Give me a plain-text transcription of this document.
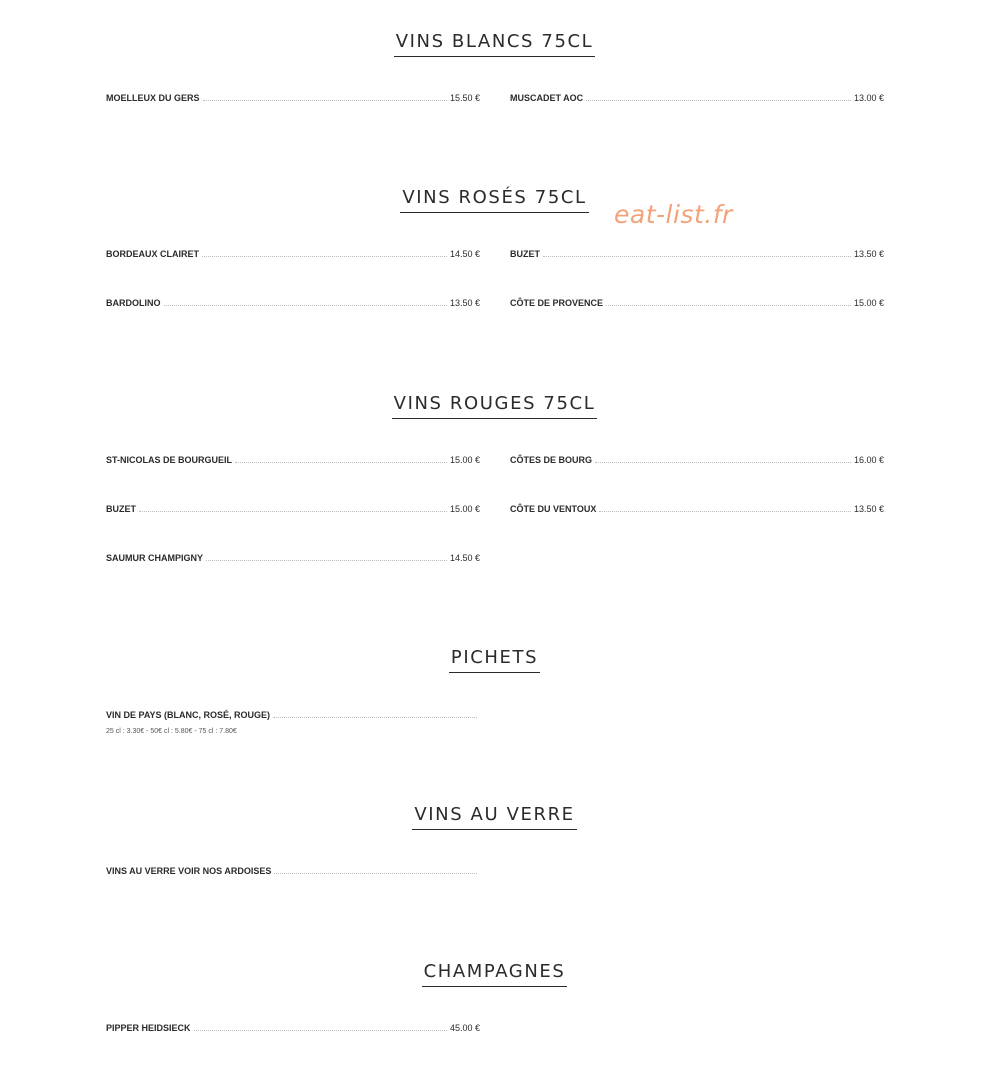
VINS BLANCS 75CL
MOELLEUX DU GERS	15.50 €	MUSCADET AOC	13.00 €
VINS ROSÉS 75CL
eat-list.fr
BORDEAUX CLAIRET	14.50 €	BUZET	13.50 €
BARDOLINO	13.50 €	CÔTE DE PROVENCE	15.00 €
VINS ROUGES 75CL
ST-NICOLAS DE BOURGUEIL	15.00 €	CÔTES DE BOURG	16.00 €
BUZET	15.00 €	CÔTE DU VENTOUX	13.50 €
SAUMUR CHAMPIGNY	14.50 €
PICHETS
VIN DE PAYS (BLANC, ROSÉ, ROUGE)
25 cl : 3.30€ - 50€ cl : 5.80€ - 75 cl : 7.80€
VINS AU VERRE
VINS AU VERRE VOIR NOS ARDOISES
CHAMPAGNES
PIPPER HEIDSIECK	45.00 €
